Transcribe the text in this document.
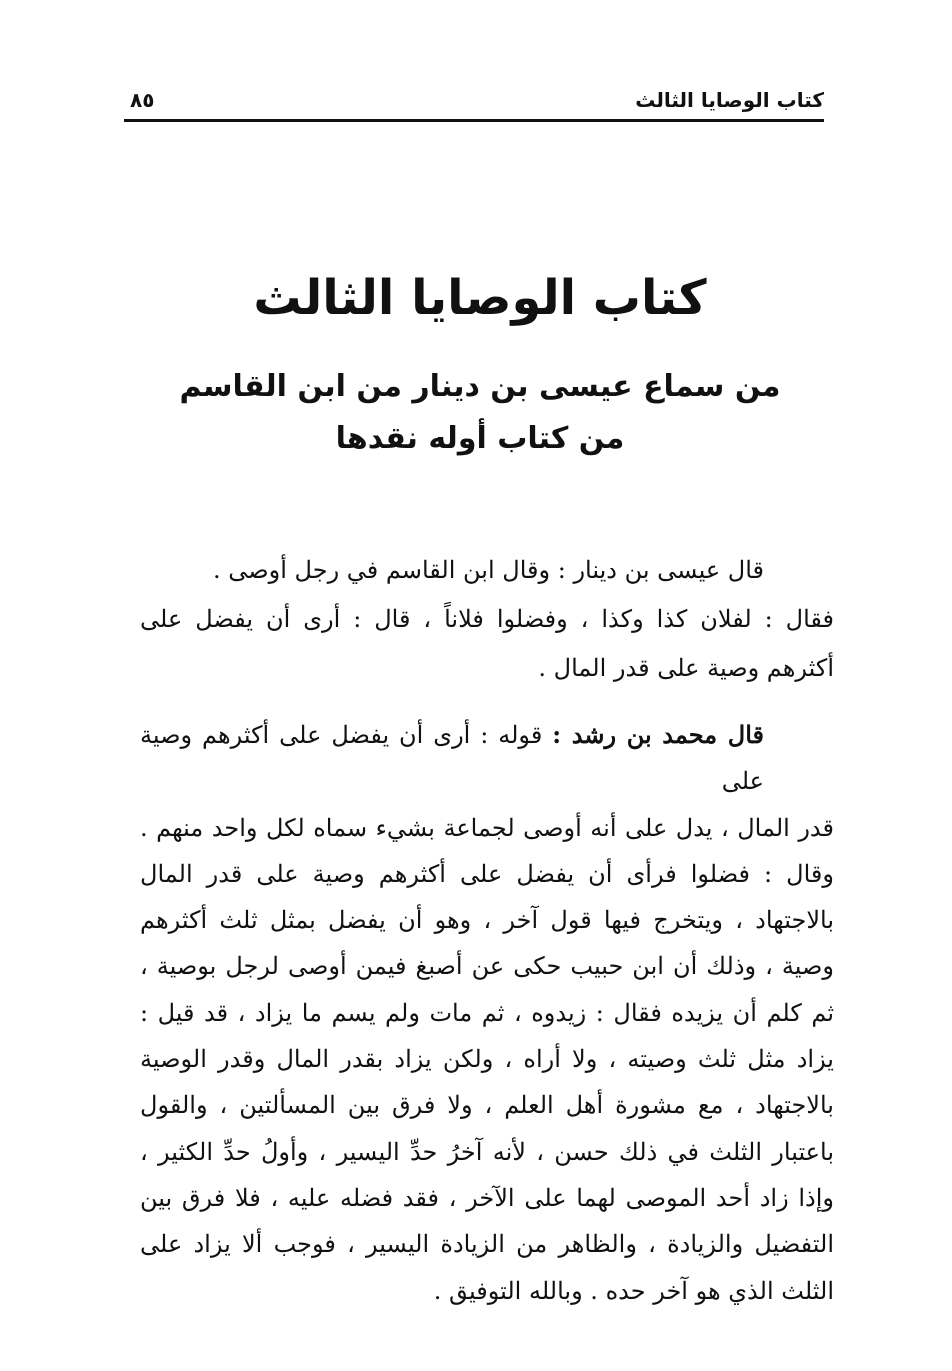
كتاب الوصايا الثالث
٨٥
كتاب الوصايا الثالث
من سماع عيسى بن دينار من ابن القاسم
من كتاب أوله نقدها
قال عيسى بن دينار : وقال ابن القاسم في رجل أوصى .
فقال : لفلان كذا وكذا ، وفضلوا فلاناً ، قال : أرى أن يفضل على أكثرهم وصية على قدر المال .
قال محمد بن رشد : قوله : أرى أن يفضل على أكثرهم وصية على
قدر المال ، يدل على أنه أوصى لجماعة بشيء سماه لكل واحد منهم . وقال : فضلوا فرأى أن يفضل على أكثرهم وصية على قدر المال بالاجتهاد ، ويتخرج فيها قول آخر ، وهو أن يفضل بمثل ثلث أكثرهم وصية ، وذلك أن ابن حبيب حكى عن أصبغ فيمن أوصى لرجل بوصية ، ثم كلم أن يزيده فقال : زيدوه ، ثم مات ولم يسم ما يزاد ، قد قيل : يزاد مثل ثلث وصيته ، ولا أراه ، ولكن يزاد بقدر المال وقدر الوصية بالاجتهاد ، مع مشورة أهل العلم ، ولا فرق بين المسألتين ، والقول باعتبار الثلث في ذلك حسن ، لأنه آخرُ حدِّ اليسير ، وأولُ حدِّ الكثير ، وإذا زاد أحد الموصى لهما على الآخر ، فقد فضله عليه ، فلا فرق بين التفضيل والزيادة ، والظاهر من الزيادة اليسير ، فوجب ألا يزاد على الثلث الذي هو آخر حده . وبالله التوفيق .
